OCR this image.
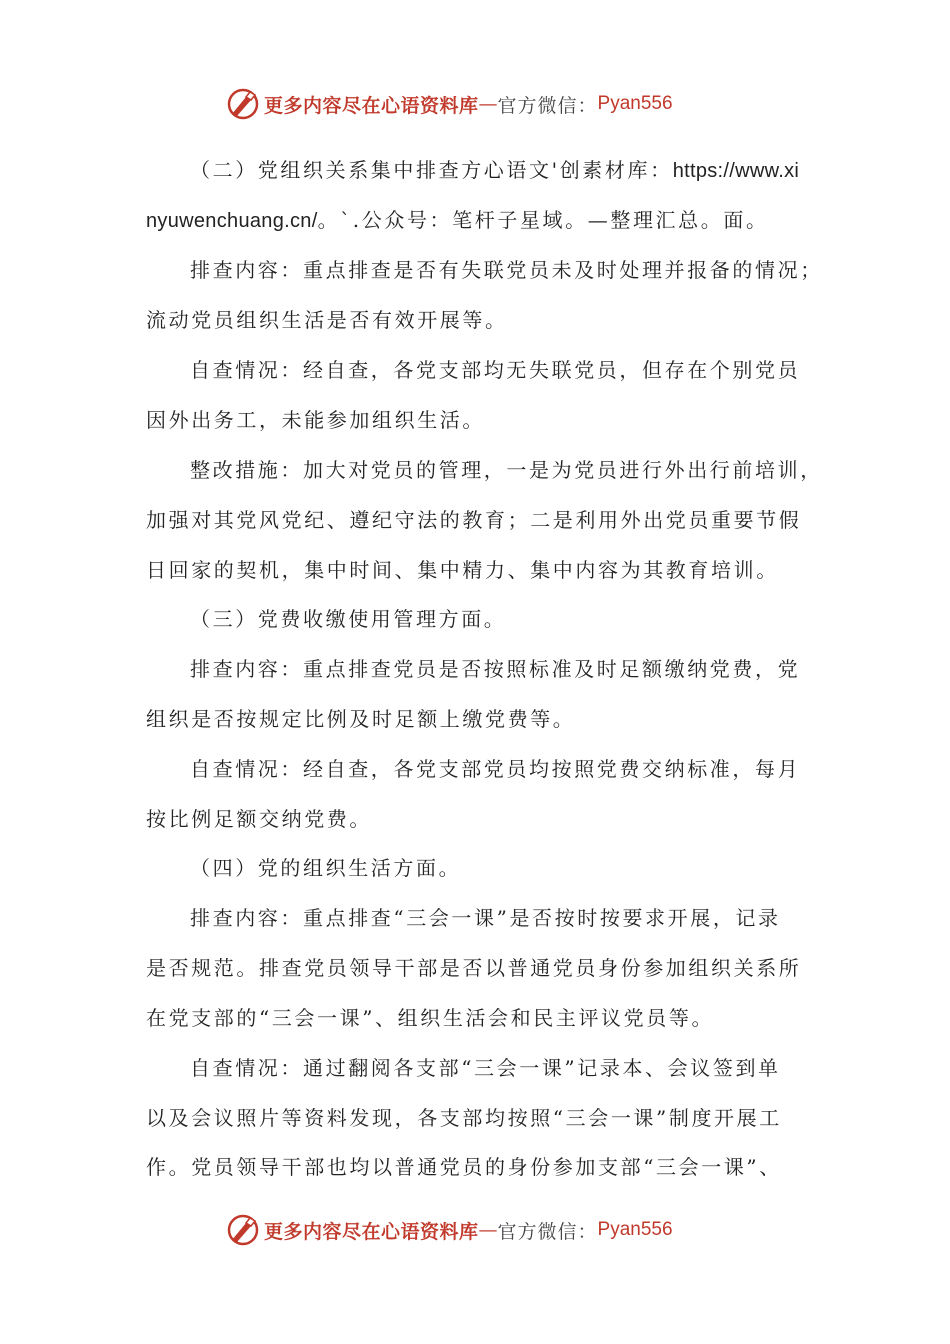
更多内容尽在心语资料库 — 官方微信： Pyan556
（二）党组织关系集中排查方心语文'创素材库：https://www.xi
nyuwenchuang.cn/。`.公众号：笔杆子星域。—整理汇总。面。
排查内容：重点排查是否有失联党员未及时处理并报备的情况；
流动党员组织生活是否有效开展等。
自查情况：经自查，各党支部均无失联党员，但存在个别党员
因外出务工，未能参加组织生活。
整改措施：加大对党员的管理，一是为党员进行外出行前培训，
加强对其党风党纪、遵纪守法的教育；二是利用外出党员重要节假
日回家的契机，集中时间、集中精力、集中内容为其教育培训。
（三）党费收缴使用管理方面。
排查内容：重点排查党员是否按照标准及时足额缴纳党费，党
组织是否按规定比例及时足额上缴党费等。
自查情况：经自查，各党支部党员均按照党费交纳标准，每月
按比例足额交纳党费。
（四）党的组织生活方面。
排查内容：重点排查“三会一课”是否按时按要求开展，记录
是否规范。排查党员领导干部是否以普通党员身份参加组织关系所
在党支部的“三会一课”、组织生活会和民主评议党员等。
自查情况：通过翻阅各支部“三会一课”记录本、会议签到单
以及会议照片等资料发现，各支部均按照“三会一课”制度开展工
作。党员领导干部也均以普通党员的身份参加支部“三会一课”、
更多内容尽在心语资料库 — 官方微信： Pyan556
